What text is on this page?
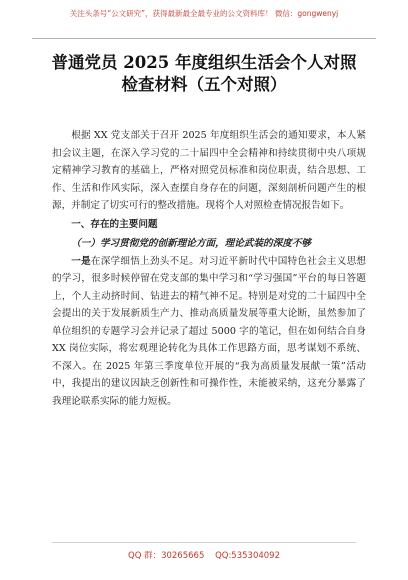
关注头条号“公文研究”，获得最新最全最专业的公文资料库！ 微信：gongwenyj
普通党员 2025 年度组织生活会个人对照
检查材料（五个对照）

根据 XX 党支部关于召开 2025 年度组织生活会的通知要求，本人紧扣会议主题，在深入学习党的二十届四中全会精神和持续贯彻中央八项规定精神学习教育的基础上，严格对照党员标准和岗位职责，结合思想、工作、生活和作风实际，深入查摆自身存在的问题，深刻剖析问题产生的根源，并制定了切实可行的整改措施。现将个人对照检查情况报告如下。

一、存在的主要问题

（一）学习贯彻党的创新理论方面，理论武装的深度不够

一是在深学细悟上劲头不足。对习近平新时代中国特色社会主义思想的学习，很多时候停留在党支部的集中学习和“学习强国”平台的每日答题上，个人主动挤时间、钻进去的精气神不足。特别是对党的二十届四中全会提出的关于发展新质生产力、推动高质量发展等重大论断，虽然参加了单位组织的专题学习会并记录了超过 5000 字的笔记，但在如何结合自身 XX 岗位实际，将宏观理论转化为具体工作思路方面，思考谋划不系统、不深入。在 2025 年第三季度单位开展的“我为高质量发展献一策”活动中，我提出的建议因缺乏创新性和可操作性，未能被采纳，这充分暴露了我理论联系实际的能力短板。

QQ 群：30265665 QQ:535304092
